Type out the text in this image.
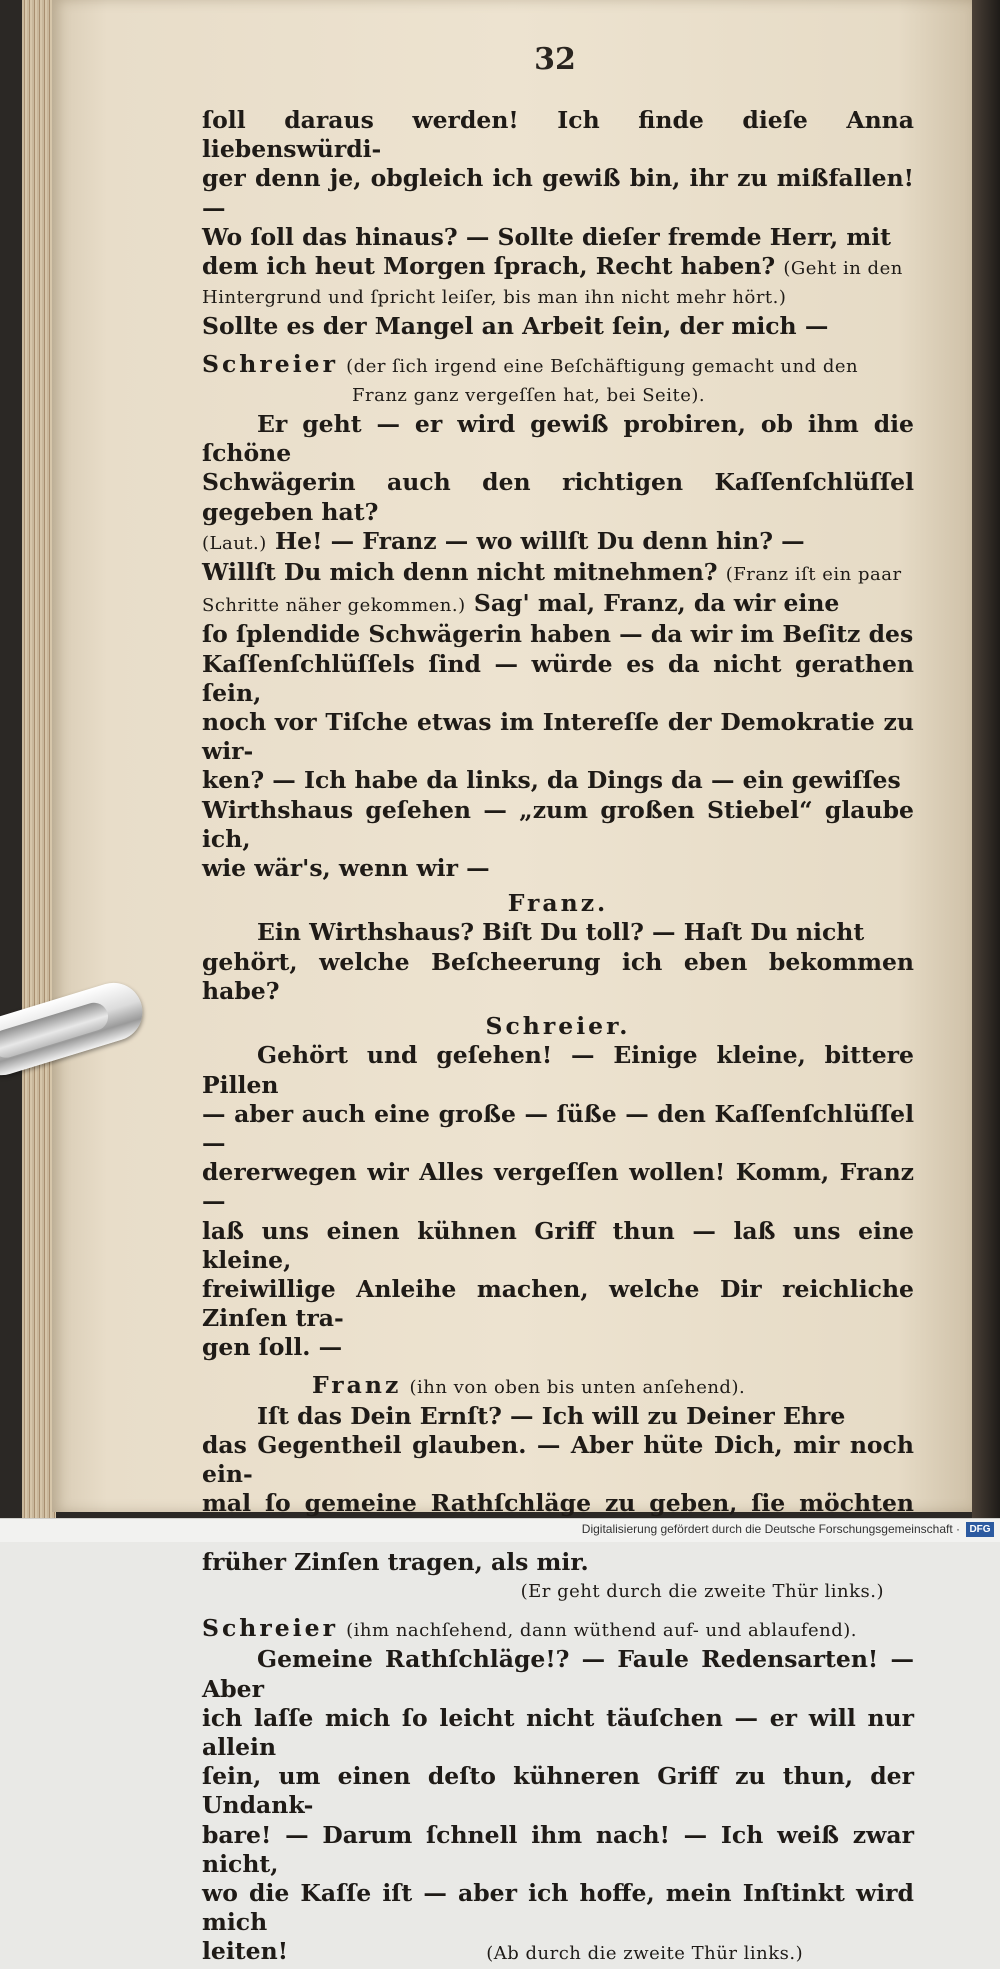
32

ſoll daraus werden! Ich finde dieſe Anna liebenswürdi-

ger denn je, obgleich ich gewiß bin, ihr zu mißfallen! —

Wo ſoll das hinaus? — Sollte dieſer fremde Herr, mit

dem ich heut Morgen ſprach, Recht haben? (Geht in den

Hintergrund und ſpricht leiſer, bis man ihn nicht mehr hört.)

Sollte es der Mangel an Arbeit ſein, der mich —

Schreier (der ſich irgend eine Beſchäftigung gemacht und den

Franz ganz vergeſſen hat, bei Seite).

Er geht — er wird gewiß probiren, ob ihm die ſchöne

Schwägerin auch den richtigen Kaſſenſchlüſſel gegeben hat?

(Laut.) He! — Franz — wo willſt Du denn hin? —

Willſt Du mich denn nicht mitnehmen? (Franz iſt ein paar

Schritte näher gekommen.) Sag' mal, Franz, da wir eine

ſo ſplendide Schwägerin haben — da wir im Beſitz des

Kaſſenſchlüſſels ſind — würde es da nicht gerathen ſein,

noch vor Tiſche etwas im Intereſſe der Demokratie zu wir-

ken? — Ich habe da links, da Dings da — ein gewiſſes

Wirthshaus geſehen — „zum großen Stiebel“ glaube ich,

wie wär's, wenn wir —

Franz.

Ein Wirthshaus? Biſt Du toll? — Haſt Du nicht

gehört, welche Beſcheerung ich eben bekommen habe?

Schreier.

Gehört und geſehen! — Einige kleine, bittere Pillen

— aber auch eine große — ſüße — den Kaſſenſchlüſſel —

dererwegen wir Alles vergeſſen wollen! Komm, Franz —

laß uns einen kühnen Griff thun — laß uns eine kleine,

freiwillige Anleihe machen, welche Dir reichliche Zinſen tra-

gen ſoll. —

Franz (ihn von oben bis unten anſehend).

Iſt das Dein Ernſt? — Ich will zu Deiner Ehre

das Gegentheil glauben. — Aber hüte Dich, mir noch ein-

mal ſo gemeine Rathſchläge zu geben, ſie möchten

früher Zinſen tragen, als mir.

(Er geht durch die zweite Thür links.)

Schreier (ihm nachſehend, dann wüthend auf- und ablaufend).

Gemeine Rathſchläge!? — Faule Redensarten! — Aber

ich laſſe mich ſo leicht nicht täuſchen — er will nur allein

ſein, um einen deſto kühneren Griff zu thun, der Undank-

bare! — Darum ſchnell ihm nach! — Ich weiß zwar nicht,

wo die Kaſſe iſt — aber ich hoffe, mein Inſtinkt wird mich

leiten!	(Ab durch die zweite Thür links.)

Digitalisierung gefördert durch die Deutsche Forschungsgemeinschaft · DFG
